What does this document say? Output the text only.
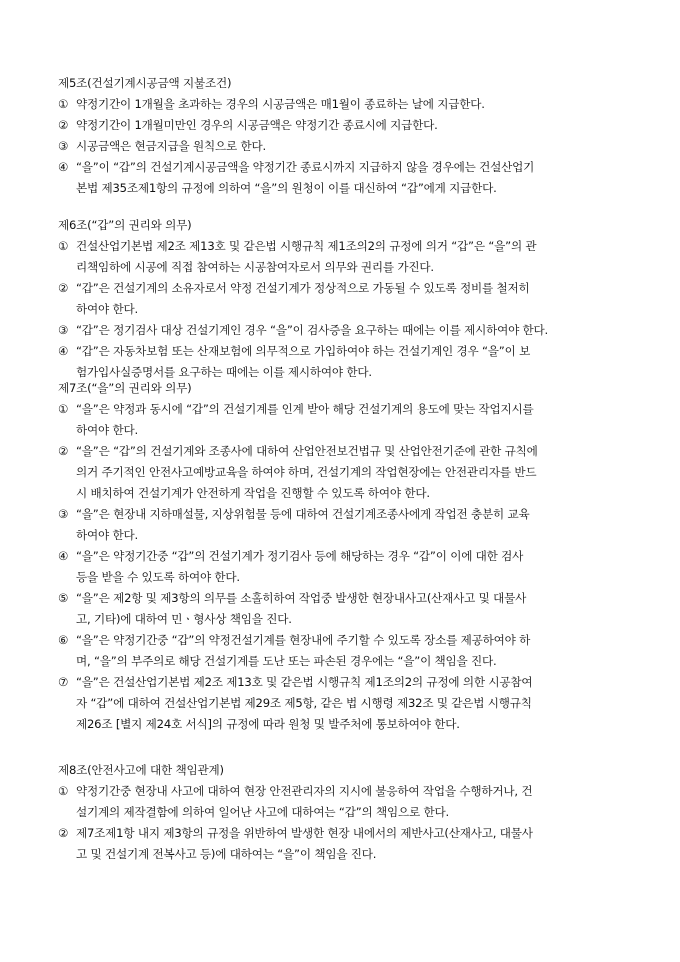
제5조(건설기계시공금액 지불조건)
① 약정기간이 1개월을 초과하는 경우의 시공금액은 매1월이 종료하는 날에 지급한다.
② 약정기간이 1개월미만인 경우의 시공금액은 약정기간 종료시에 지급한다.
③ 시공금액은 현금지급을 원칙으로 한다.
④ “을”이 “갑”의 건설기계시공금액을 약정기간 종료시까지 지급하지 않을 경우에는 건설산업기
본법 제35조제1항의 규정에 의하여 “을”의 원청이 이를 대신하여 “갑”에게 지급한다.
제6조(“갑”의 권리와 의무)
① 건설산업기본법 제2조 제13호 및 같은법 시행규칙 제1조의2의 규정에 의거 “갑”은 “을”의 관
리책임하에 시공에 직접 참여하는 시공참여자로서 의무와 권리를 가진다.
② “갑”은 건설기계의 소유자로서 약정 건설기계가 정상적으로 가동될 수 있도록 정비를 철저히
하여야 한다.
③ “갑”은 정기검사 대상 건설기계인 경우 “을”이 검사증을 요구하는 때에는 이를 제시하여야 한다.
④ “갑”은 자동차보험 또는 산재보험에 의무적으로 가입하여야 하는 건설기계인 경우 “을”이 보
험가입사실증명서를 요구하는 때에는 이를 제시하여야 한다.
제7조(“을”의 권리와 의무)
① “을”은 약정과 동시에 “갑”의 건설기계를 인계 받아 해당 건설기계의 용도에 맞는 작업지시를
하여야 한다.
② “을”은 “갑”의 건설기계와 조종사에 대하여 산업안전보건법규 및 산업안전기준에 관한 규칙에
의거 주기적인 안전사고예방교육을 하여야 하며, 건설기계의 작업현장에는 안전관리자를 반드
시 배치하여 건설기계가 안전하게 작업을 진행할 수 있도록 하여야 한다.
③ “을”은 현장내 지하매설물, 지상위험물 등에 대하여 건설기계조종사에게 작업전 충분히 교육
하여야 한다.
④ “을”은 약정기간중 “갑”의 건설기계가 정기검사 등에 해당하는 경우 “갑”이 이에 대한 검사
등을 받을 수 있도록 하여야 한다.
⑤ “을”은 제2항 및 제3항의 의무를 소홀히하여 작업중 발생한 현장내사고(산재사고 및 대물사
고, 기타)에 대하여 민ㆍ형사상 책임을 진다.
⑥ “을”은 약정기간중 “갑”의 약정건설기계를 현장내에 주기할 수 있도록 장소를 제공하여야 하
며, “을”의 부주의로 해당 건설기계를 도난 또는 파손된 경우에는 “을”이 책임을 진다.
⑦ “을”은 건설산업기본법 제2조 제13호 및 같은법 시행규칙 제1조의2의 규정에 의한 시공참여
자 “갑”에 대하여 건설산업기본법 제29조 제5항, 같은 법 시행령 제32조 및 같은법 시행규칙
제26조 [별지 제24호 서식]의 규정에 따라 원청 및 발주처에 통보하여야 한다.
제8조(안전사고에 대한 책임관계)
① 약정기간중 현장내 사고에 대하여 현장 안전관리자의 지시에 불응하여 작업을 수행하거나, 건
설기계의 제작결함에 의하여 일어난 사고에 대하여는 “갑”의 책임으로 한다.
② 제7조제1항 내지 제3항의 규정을 위반하여 발생한 현장 내에서의 제반사고(산재사고, 대물사
고 및 건설기계 전복사고 등)에 대하여는 “을”이 책임을 진다.
